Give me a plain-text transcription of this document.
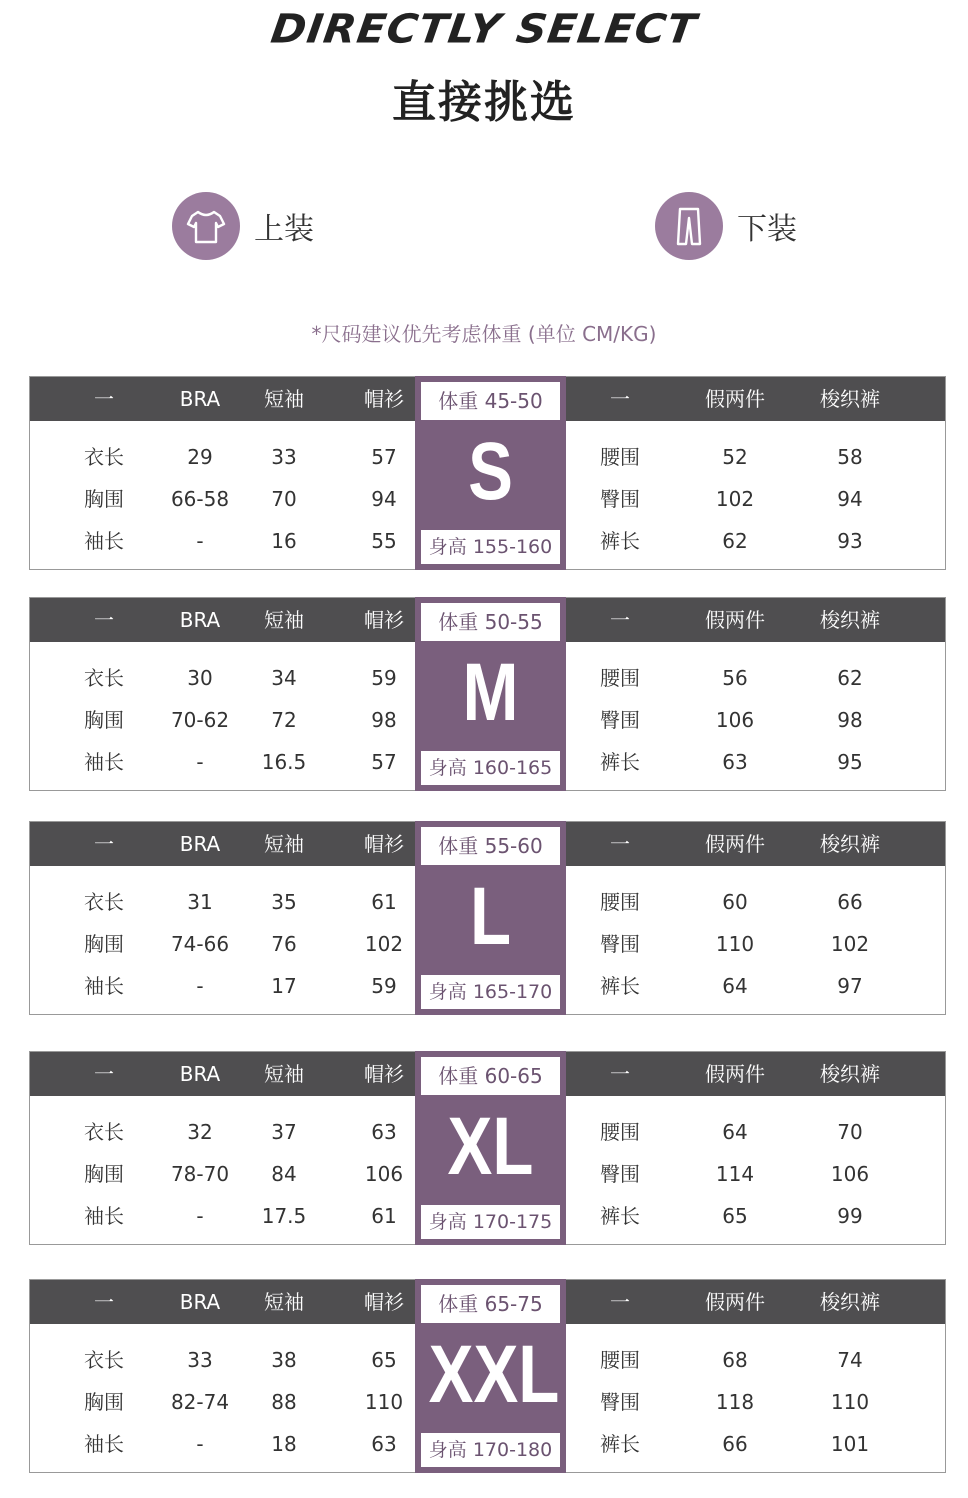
DIRECTLY SELECT
直接挑选
上装	下装
*尺码建议优先考虑体重 (单位 CM/KG)
一	BRA	短袖	帽衫	一	假两件	梭织裤
衣长	29	33	57
胸围	66-58	70	94
袖长	-	16	55
腰围	52	58
臀围	102	94
裤长	62	93
体重 45-50
S
身高 155-160
一	BRA	短袖	帽衫	一	假两件	梭织裤
衣长	30	34	59
胸围	70-62	72	98
袖长	-	16.5	57
腰围	56	62
臀围	106	98
裤长	63	95
体重 50-55
M
身高 160-165
一	BRA	短袖	帽衫	一	假两件	梭织裤
衣长	31	35	61
胸围	74-66	76	102
袖长	-	17	59
腰围	60	66
臀围	110	102
裤长	64	97
体重 55-60
L
身高 165-170
一	BRA	短袖	帽衫	一	假两件	梭织裤
衣长	32	37	63
胸围	78-70	84	106
袖长	-	17.5	61
腰围	64	70
臀围	114	106
裤长	65	99
体重 60-65
XL
身高 170-175
一	BRA	短袖	帽衫	一	假两件	梭织裤
衣长	33	38	65
胸围	82-74	88	110
袖长	-	18	63
腰围	68	74
臀围	118	110
裤长	66	101
体重 65-75
XXL
身高 170-180
